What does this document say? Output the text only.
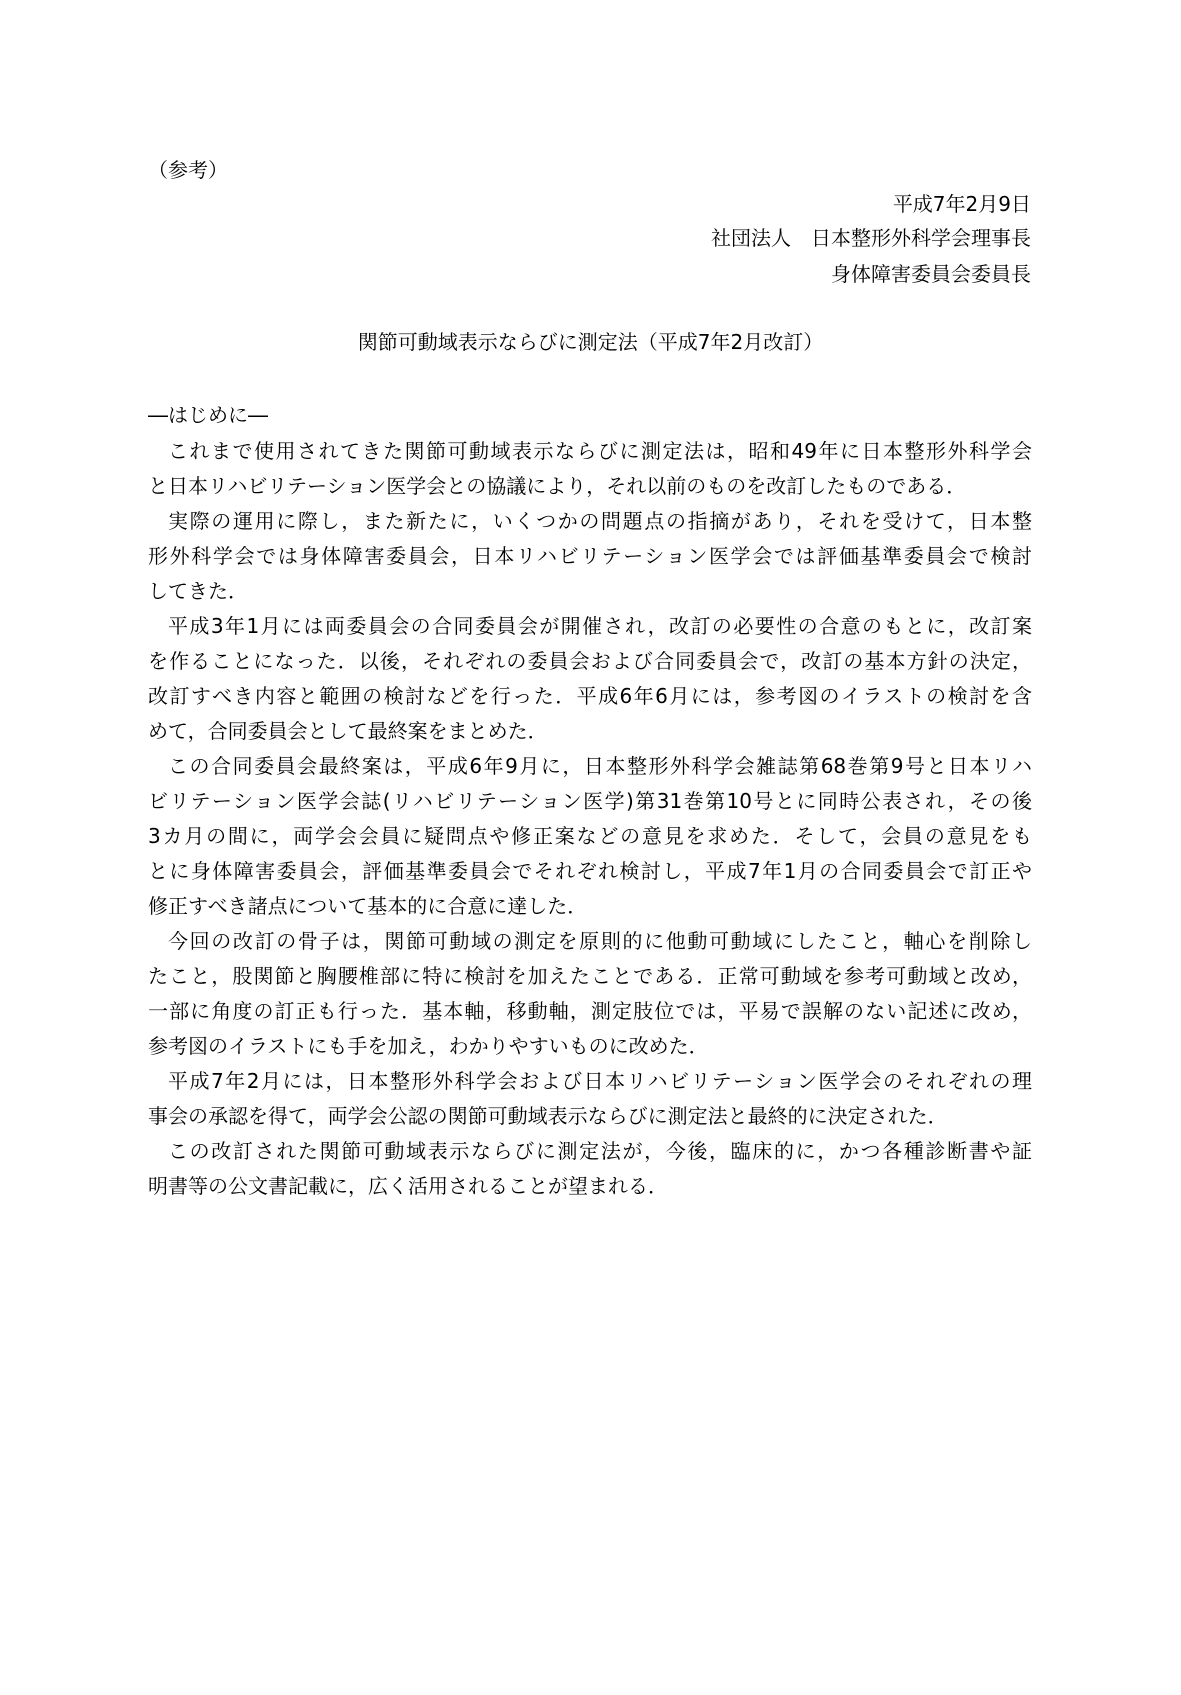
（参考）
平成7年2月9日
社団法人　日本整形外科学会理事長
身体障害委員会委員長
関節可動域表示ならびに測定法（平成7年2月改訂）
―はじめに―
これまで使用されてきた関節可動域表示ならびに測定法は，昭和49年に日本整形外科学会
と日本リハビリテーション医学会との協議により，それ以前のものを改訂したものである．
実際の運用に際し，また新たに，いくつかの問題点の指摘があり，それを受けて，日本整
形外科学会では身体障害委員会，日本リハビリテーション医学会では評価基準委員会で検討
してきた．
平成3年1月には両委員会の合同委員会が開催され，改訂の必要性の合意のもとに，改訂案
を作ることになった．以後，それぞれの委員会および合同委員会で，改訂の基本方針の決定，
改訂すべき内容と範囲の検討などを行った．平成6年6月には，参考図のイラストの検討を含
めて，合同委員会として最終案をまとめた．
この合同委員会最終案は，平成6年9月に，日本整形外科学会雑誌第68巻第9号と日本リハ
ビリテーション医学会誌(リハビリテーション医学)第31巻第10号とに同時公表され，その後
3カ月の間に，両学会会員に疑問点や修正案などの意見を求めた．そして，会員の意見をも
とに身体障害委員会，評価基準委員会でそれぞれ検討し，平成7年1月の合同委員会で訂正や
修正すべき諸点について基本的に合意に達した．
今回の改訂の骨子は，関節可動域の測定を原則的に他動可動域にしたこと，軸心を削除し
たこと，股関節と胸腰椎部に特に検討を加えたことである．正常可動域を参考可動域と改め，
一部に角度の訂正も行った．基本軸，移動軸，測定肢位では，平易で誤解のない記述に改め，
参考図のイラストにも手を加え，わかりやすいものに改めた．
平成7年2月には，日本整形外科学会および日本リハビリテーション医学会のそれぞれの理
事会の承認を得て，両学会公認の関節可動域表示ならびに測定法と最終的に決定された．
この改訂された関節可動域表示ならびに測定法が，今後，臨床的に，かつ各種診断書や証
明書等の公文書記載に，広く活用されることが望まれる．
